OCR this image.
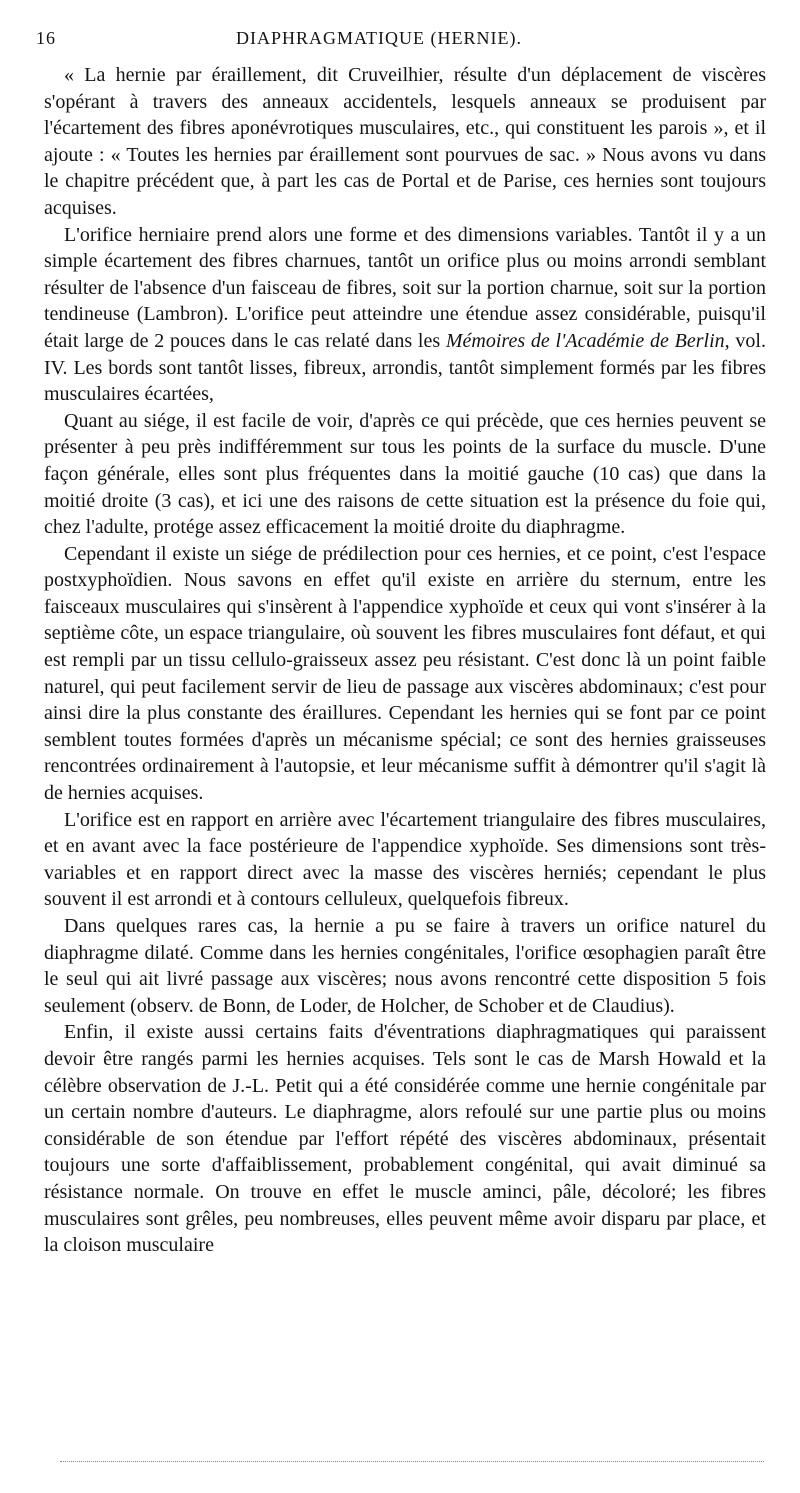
16	DIAPHRAGMATIQUE (HERNIE).

« La hernie par éraillement, dit Cruveilhier, résulte d'un déplacement de viscères s'opérant à travers des anneaux accidentels, lesquels anneaux se produisent par l'écartement des fibres aponévrotiques musculaires, etc., qui constituent les parois », et il ajoute : « Toutes les hernies par éraillement sont pourvues de sac. » Nous avons vu dans le chapitre précédent que, à part les cas de Portal et de Parise, ces hernies sont toujours acquises.

L'orifice herniaire prend alors une forme et des dimensions variables. Tantôt il y a un simple écartement des fibres charnues, tantôt un orifice plus ou moins arrondi semblant résulter de l'absence d'un faisceau de fibres, soit sur la portion charnue, soit sur la portion tendineuse (Lambron). L'orifice peut atteindre une étendue assez considérable, puisqu'il était large de 2 pouces dans le cas relaté dans les Mémoires de l'Académie de Berlin, vol. IV. Les bords sont tantôt lisses, fibreux, arrondis, tantôt simplement formés par les fibres musculaires écartées,

Quant au siége, il est facile de voir, d'après ce qui précède, que ces hernies peuvent se présenter à peu près indifféremment sur tous les points de la surface du muscle. D'une façon générale, elles sont plus fréquentes dans la moitié gauche (10 cas) que dans la moitié droite (3 cas), et ici une des raisons de cette situation est la présence du foie qui, chez l'adulte, protége assez efficacement la moitié droite du diaphragme.

Cependant il existe un siége de prédilection pour ces hernies, et ce point, c'est l'espace postxyphoïdien. Nous savons en effet qu'il existe en arrière du sternum, entre les faisceaux musculaires qui s'insèrent à l'appendice xyphoïde et ceux qui vont s'insérer à la septième côte, un espace triangulaire, où souvent les fibres musculaires font défaut, et qui est rempli par un tissu cellulo-graisseux assez peu résistant. C'est donc là un point faible naturel, qui peut facilement servir de lieu de passage aux viscères abdominaux; c'est pour ainsi dire la plus constante des éraillures. Cependant les hernies qui se font par ce point semblent toutes formées d'après un mécanisme spécial; ce sont des hernies graisseuses rencontrées ordinairement à l'autopsie, et leur mécanisme suffit à démontrer qu'il s'agit là de hernies acquises.

L'orifice est en rapport en arrière avec l'écartement triangulaire des fibres musculaires, et en avant avec la face postérieure de l'appendice xyphoïde. Ses dimensions sont très-variables et en rapport direct avec la masse des viscères herniés; cependant le plus souvent il est arrondi et à contours celluleux, quelquefois fibreux.

Dans quelques rares cas, la hernie a pu se faire à travers un orifice naturel du diaphragme dilaté. Comme dans les hernies congénitales, l'orifice œsophagien paraît être le seul qui ait livré passage aux viscères; nous avons rencontré cette disposition 5 fois seulement (observ. de Bonn, de Loder, de Holcher, de Schober et de Claudius).

Enfin, il existe aussi certains faits d'éventrations diaphragmatiques qui paraissent devoir être rangés parmi les hernies acquises. Tels sont le cas de Marsh Howald et la célèbre observation de J.-L. Petit qui a été considérée comme une hernie congénitale par un certain nombre d'auteurs. Le diaphragme, alors refoulé sur une partie plus ou moins considérable de son étendue par l'effort répété des viscères abdominaux, présentait toujours une sorte d'affaiblissement, probablement congénital, qui avait diminué sa résistance normale. On trouve en effet le muscle aminci, pâle, décoloré; les fibres musculaires sont grêles, peu nombreuses, elles peuvent même avoir disparu par place, et la cloison musculaire
